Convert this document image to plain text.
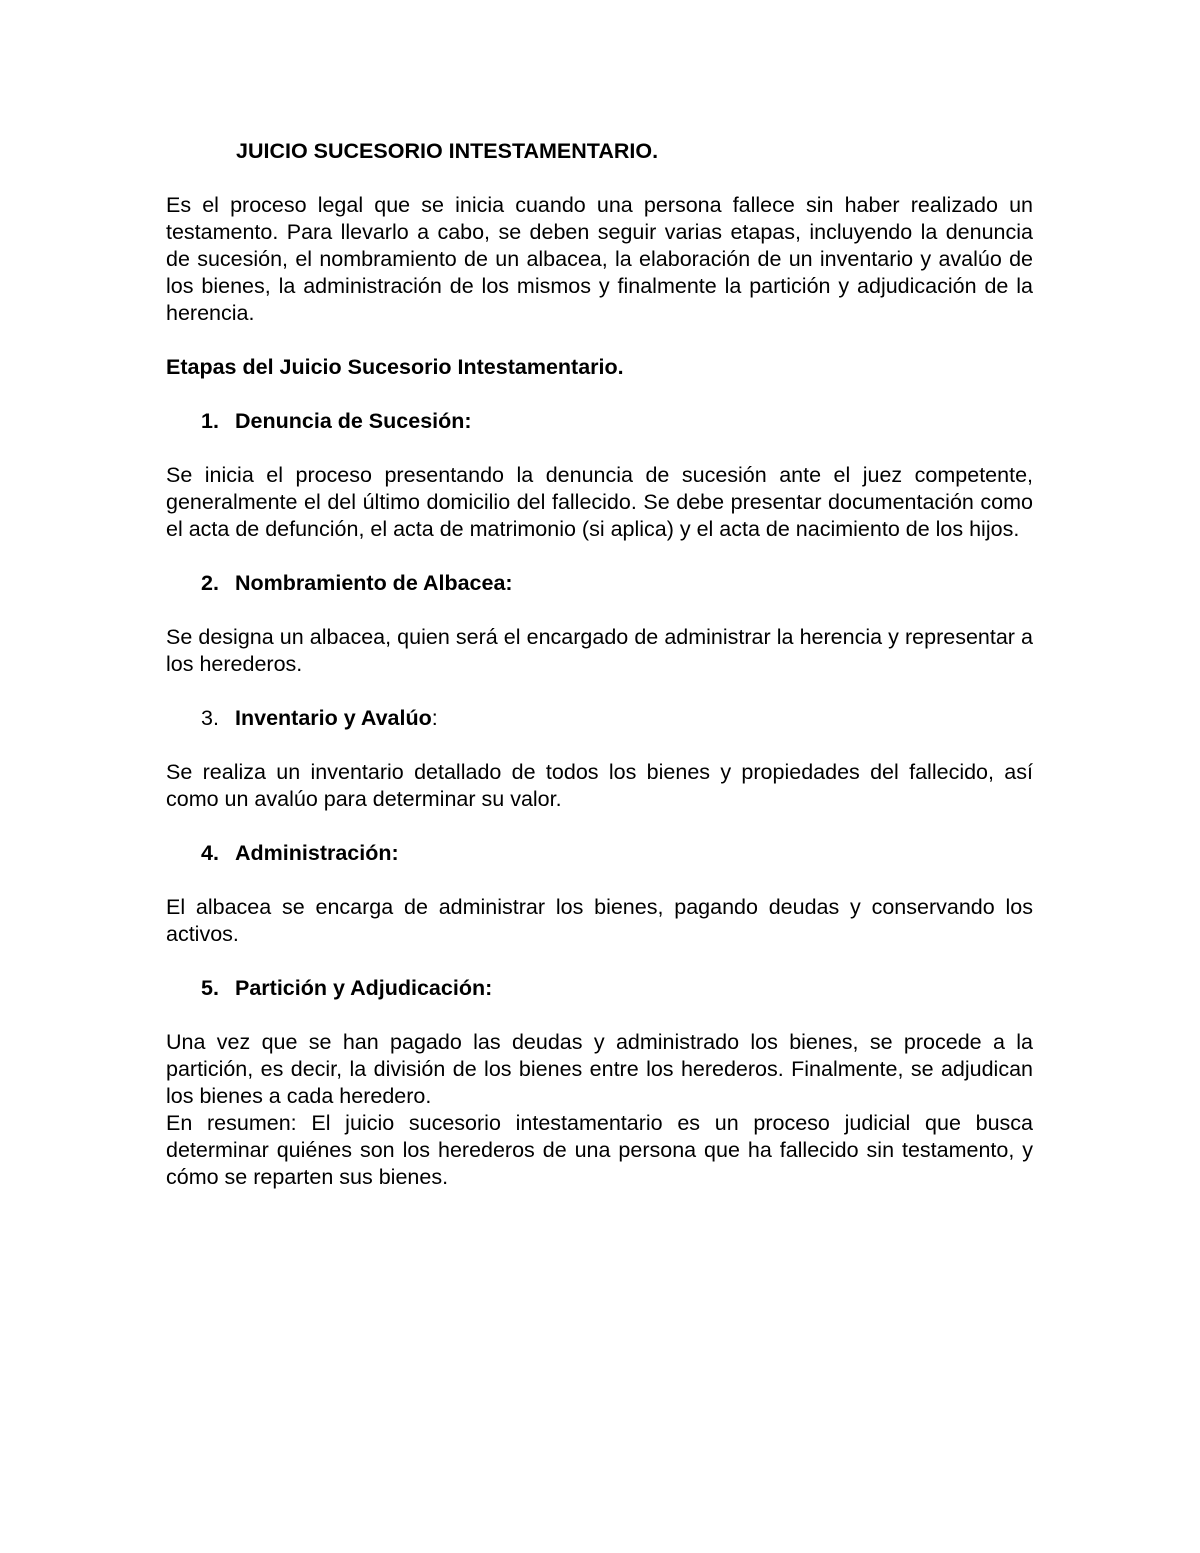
JUICIO SUCESORIO INTESTAMENTARIO.

Es el proceso legal que se inicia cuando una persona fallece sin haber realizado un testamento. Para llevarlo a cabo, se deben seguir varias etapas, incluyendo la denuncia de sucesión, el nombramiento de un albacea, la elaboración de un inventario y avalúo de los bienes, la administración de los mismos y finalmente la partición y adjudicación de la herencia.

Etapas del Juicio Sucesorio Intestamentario.
1. Denuncia de Sucesión:

Se inicia el proceso presentando la denuncia de sucesión ante el juez competente, generalmente el del último domicilio del fallecido. Se debe presentar documentación como el acta de defunción, el acta de matrimonio (si aplica) y el acta de nacimiento de los hijos.

2. Nombramiento de Albacea:

Se designa un albacea, quien será el encargado de administrar la herencia y representar a los herederos.

3. Inventario y Avalúo:

Se realiza un inventario detallado de todos los bienes y propiedades del fallecido, así como un avalúo para determinar su valor.

4. Administración:

El albacea se encarga de administrar los bienes, pagando deudas y conservando los activos.

5. Partición y Adjudicación:

Una vez que se han pagado las deudas y administrado los bienes, se procede a la partición, es decir, la división de los bienes entre los herederos. Finalmente, se adjudican los bienes a cada heredero.

En resumen: El juicio sucesorio intestamentario es un proceso judicial que busca determinar quiénes son los herederos de una persona que ha fallecido sin testamento, y cómo se reparten sus bienes.
